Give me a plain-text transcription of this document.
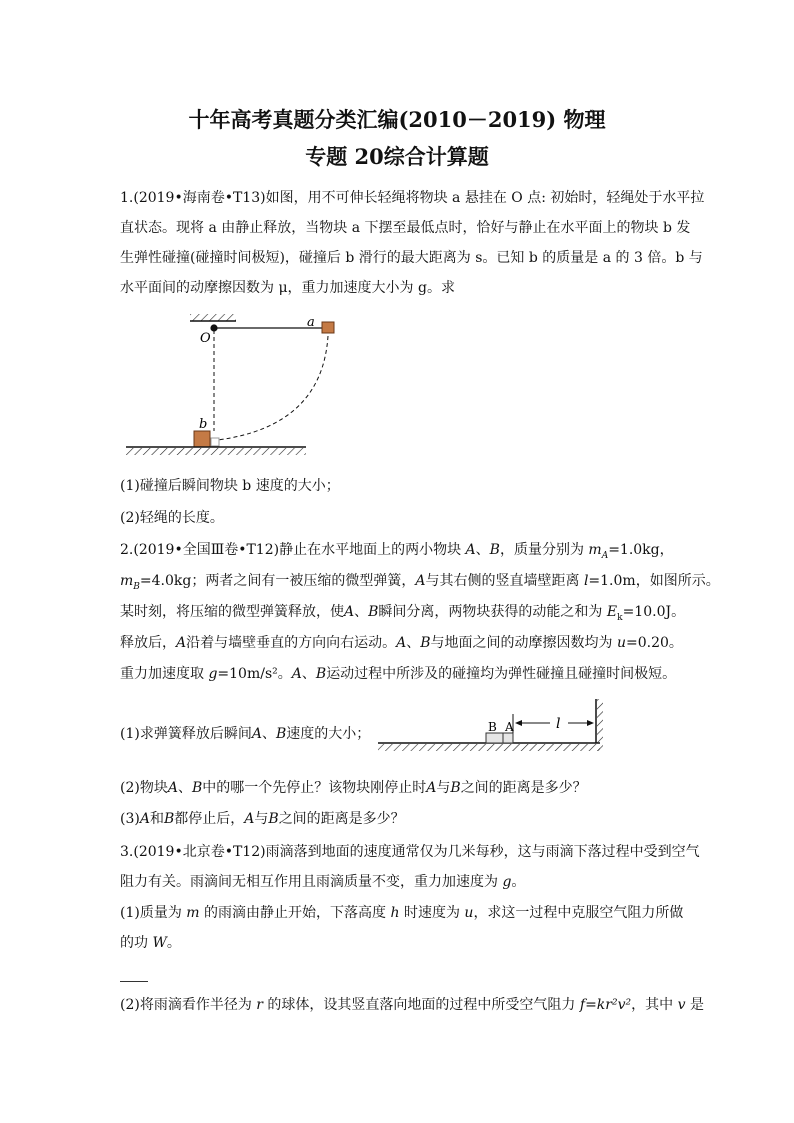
十年高考真题分类汇编(2010－2019) 物理
专题 20综合计算题
1.(2019•海南卷•T13)如图，用不可伸长轻绳将物块 a 悬挂在 O 点: 初始时，轻绳处于水平拉
直状态。现将 a 由静止释放，当物块 a 下摆至最低点时，恰好与静止在水平面上的物块 b 发
生弹性碰撞(碰撞时间极短)，碰撞后 b 滑行的最大距离为 s。已知 b 的质量是 a 的 3 倍。b 与
水平面间的动摩擦因数为 μ，重力加速度大小为 g。求
O
a
b
(1)碰撞后瞬间物块 b 速度的大小；
(2)轻绳的长度。
2.(2019•全国Ⅲ卷•T12)静止在水平地面上的两小物块 A、B，质量分别为 $m_A=1.0kg$，
$m_B=4.0kg$；两者之间有一被压缩的微型弹簧，A与其右侧的竖直墙壁距离 l=1.0m，如图所示。
某时刻，将压缩的微型弹簧释放，使A、B瞬间分离，两物块获得的动能之和为 $E_k=10.0J$。
释放后，A沿着与墙壁垂直的方向向右运动。A、B与地面之间的动摩擦因数均为 u=0.20。
重力加速度取 g=10m/s²。A、B运动过程中所涉及的碰撞均为弹性碰撞且碰撞时间极短。
(1)求弹簧释放后瞬间A、B速度的大小；	B A	l
(2)物块A、B中的哪一个先停止？该物块刚停止时A与B之间的距离是多少？
(3)A和B都停止后，A与B之间的距离是多少？
3.(2019•北京卷•T12)雨滴落到地面的速度通常仅为几米每秒，这与雨滴下落过程中受到空气
阻力有关。雨滴间无相互作用且雨滴质量不变，重力加速度为 g。
(1)质量为 m 的雨滴由静止开始，下落高度 h 时速度为 u，求这一过程中克服空气阻力所做
的功 W。
(2)将雨滴看作半径为 r 的球体，设其竖直落向地面的过程中所受空气阻力 f=kr²v²，其中 v 是
